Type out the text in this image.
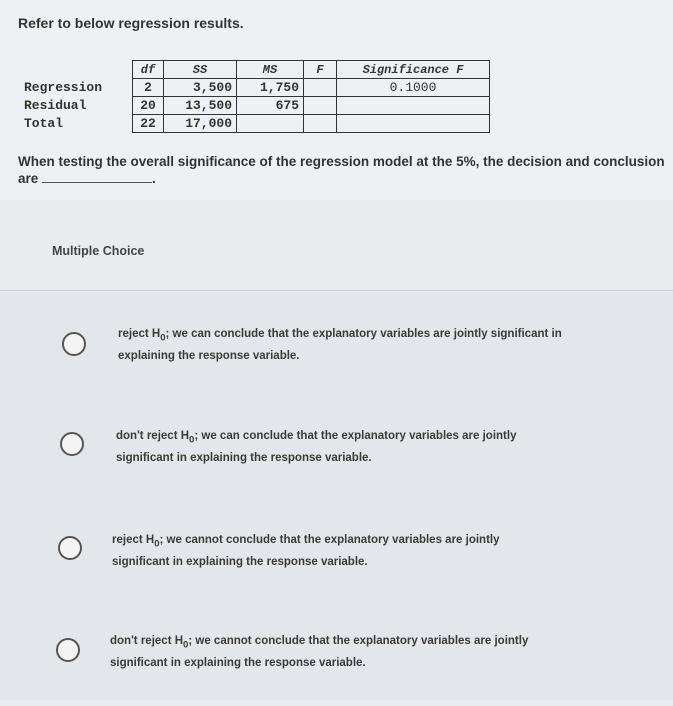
Refer to below regression results.
	df	SS	MS	F	Significance F
Regression	2	3,500	1,750		0.1000
Residual	20	13,500	675		
Total	22	17,000			
When testing the overall significance of the regression model at the 5%, the decision and conclusion are	.
Multiple Choice
reject $H_0$; we can conclude that the explanatory variables are jointly significant in explaining the response variable.
don't reject $H_0$; we can conclude that the explanatory variables are jointly significant in explaining the response variable.
reject $H_0$; we cannot conclude that the explanatory variables are jointly significant in explaining the response variable.
don't reject $H_0$; we cannot conclude that the explanatory variables are jointly significant in explaining the response variable.
